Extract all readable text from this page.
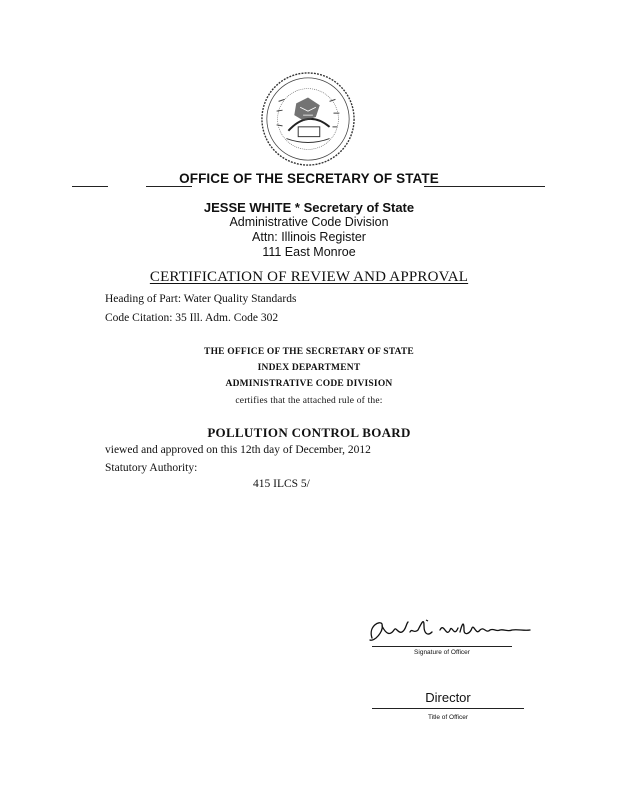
OFFICE OF THE SECRETARY OF STATE
JESSE WHITE * Secretary of State
Administrative Code Division
Attn: Illinois Register
111 East Monroe
CERTIFICATION OF REVIEW AND APPROVAL
Heading of Part: Water Quality Standards
Code Citation: 35 Ill. Adm. Code 302
THE OFFICE OF THE SECRETARY OF STATE
INDEX DEPARTMENT
ADMINISTRATIVE CODE DIVISION
certifies that the attached rule of the:
POLLUTION CONTROL BOARD
viewed and approved on this 12th day of December, 2012
Statutory Authority:
415 ILCS 5/
Signature of Officer
Director
Title of Officer
